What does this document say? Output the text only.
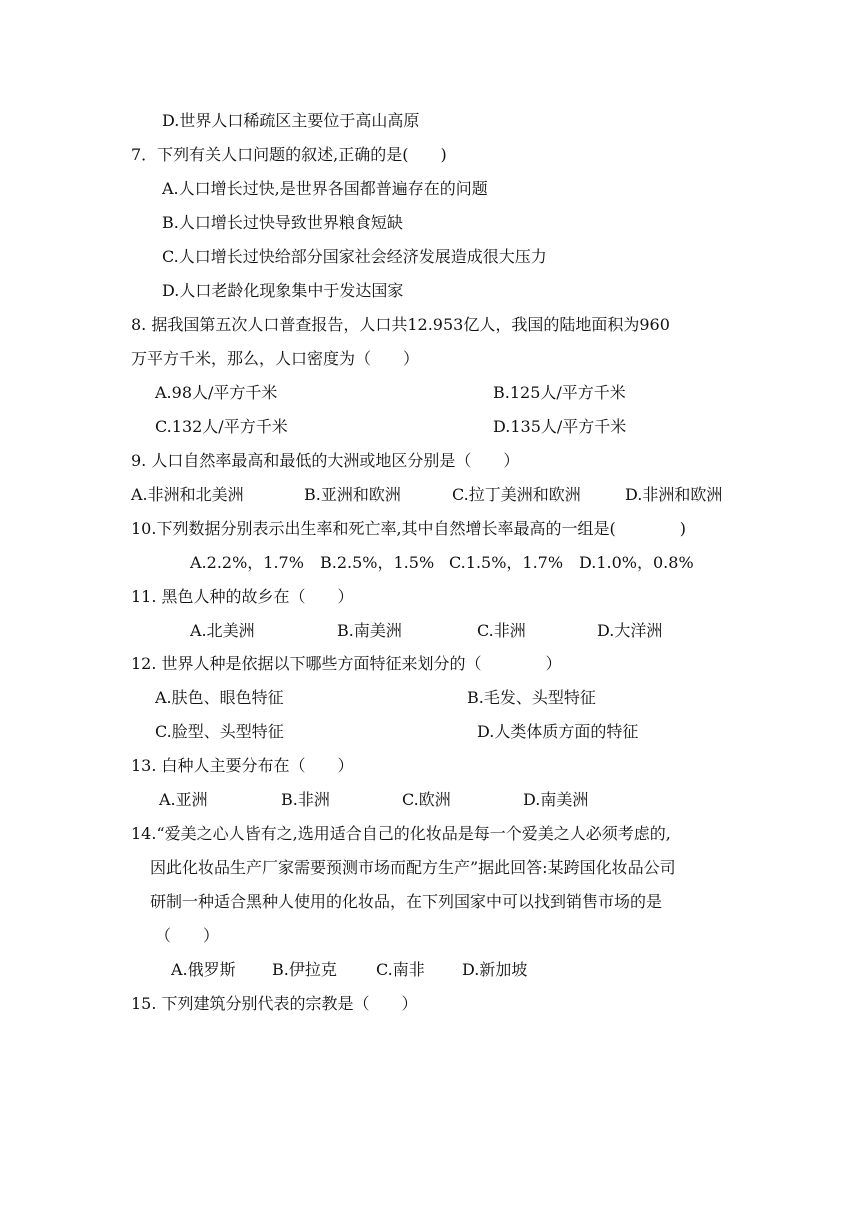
D.世界人口稀疏区主要位于高山高原
7．下列有关人口问题的叙述,正确的是(　　)
A.人口增长过快,是世界各国都普遍存在的问题
B.人口增长过快导致世界粮食短缺
C.人口增长过快给部分国家社会经济发展造成很大压力
D.人口老龄化现象集中于发达国家
8. 据我国第五次人口普查报告，人口共12.953亿人，我国的陆地面积为960
万平方千米，那么，人口密度为（　　）
A.98人/平方千米	B.125人/平方千米
C.132人/平方千米	D.135人/平方千米
9. 人口自然率最高和最低的大洲或地区分别是（　　）
A.非洲和北美洲	B.亚洲和欧洲	C.拉丁美洲和欧洲	D.非洲和欧洲
10.下列数据分别表示出生率和死亡率,其中自然增长率最高的一组是(　　　　)
A.2.2%，1.7% B.2.5%，1.5% C.1.5%，1.7% D.1.0%，0.8%
11. 黑色人种的故乡在（　　）
A.北美洲	B.南美洲	C.非洲	D.大洋洲
12. 世界人种是依据以下哪些方面特征来划分的（　　　　）
A.肤色、眼色特征	B.毛发、头型特征
C.脸型、头型特征	D.人类体质方面的特征
13. 白种人主要分布在（　　）
A.亚洲	B.非洲	C.欧洲	D.南美洲
14.“爱美之心人皆有之,选用适合自己的化妆品是每一个爱美之人必须考虑的,
因此化妆品生产厂家需要预测市场而配方生产”据此回答:某跨国化妆品公司
研制一种适合黑种人使用的化妆品，在下列国家中可以找到销售市场的是
（　　）
A.俄罗斯 B.伊拉克 C.南非 D.新加坡
15. 下列建筑分别代表的宗教是（　　）
